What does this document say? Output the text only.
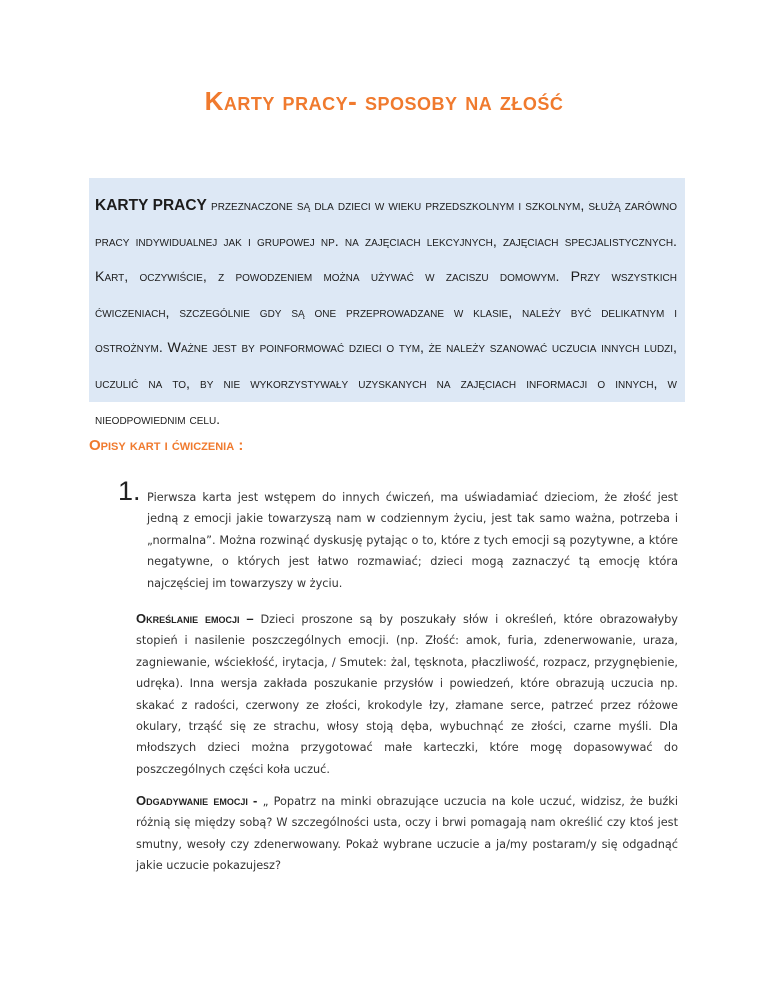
Karty pracy- sposoby na złość
KARTY PRACY przeznaczone są dla dzieci w wieku przedszkolnym i szkolnym, służą zarówno pracy indywidualnej jak i grupowej np. na zajęciach lekcyjnych, zajęciach specjalistycznych. Kart, oczywiście, z powodzeniem można używać w zaciszu domowym. Przy wszystkich ćwiczeniach, szczególnie gdy są one przeprowadzane w klasie, należy być delikatnym i ostrożnym. Ważne jest by poinformować dzieci o tym, że należy szanować uczucia innych ludzi, uczulić na to, by nie wykorzystywały uzyskanych na zajęciach informacji o innych, w nieodpowiednim celu.
Opisy kart i ćwiczenia :
1. Pierwsza karta jest wstępem do innych ćwiczeń, ma uświadamiać dzieciom, że złość jest jedną z emocji jakie towarzyszą nam w codziennym życiu, jest tak samo ważna, potrzeba i „normalna”. Można rozwinąć dyskusję pytając o to, które z tych emocji są pozytywne, a które negatywne, o których jest łatwo rozmawiać; dzieci mogą zaznaczyć tą emocję która najczęściej im towarzyszy w życiu.
Określanie emocji – Dzieci proszone są by poszukały słów i określeń, które obrazowałyby stopień i nasilenie poszczególnych emocji. (np. Złość: amok, furia, zdenerwowanie, uraza, zagniewanie, wściekłość, irytacja, / Smutek: żal, tęsknota, płaczliwość, rozpacz, przygnębienie, udręka). Inna wersja zakłada poszukanie przysłów i powiedzeń, które obrazują uczucia np. skakać z radości, czerwony ze złości, krokodyle łzy, złamane serce, patrzeć przez różowe okulary, trząść się ze strachu, włosy stoją dęba, wybuchnąć ze złości, czarne myśli. Dla młodszych dzieci można przygotować małe karteczki, które mogę dopasowywać do poszczególnych części koła uczuć.
Odgadywanie emocji - „ Popatrz na minki obrazujące uczucia na kole uczuć, widzisz, że buźki różnią się między sobą? W szczególności usta, oczy i brwi pomagają nam określić czy ktoś jest smutny, wesoły czy zdenerwowany. Pokaż wybrane uczucie a ja/my postaram/y się odgadnąć jakie uczucie pokazujesz?
